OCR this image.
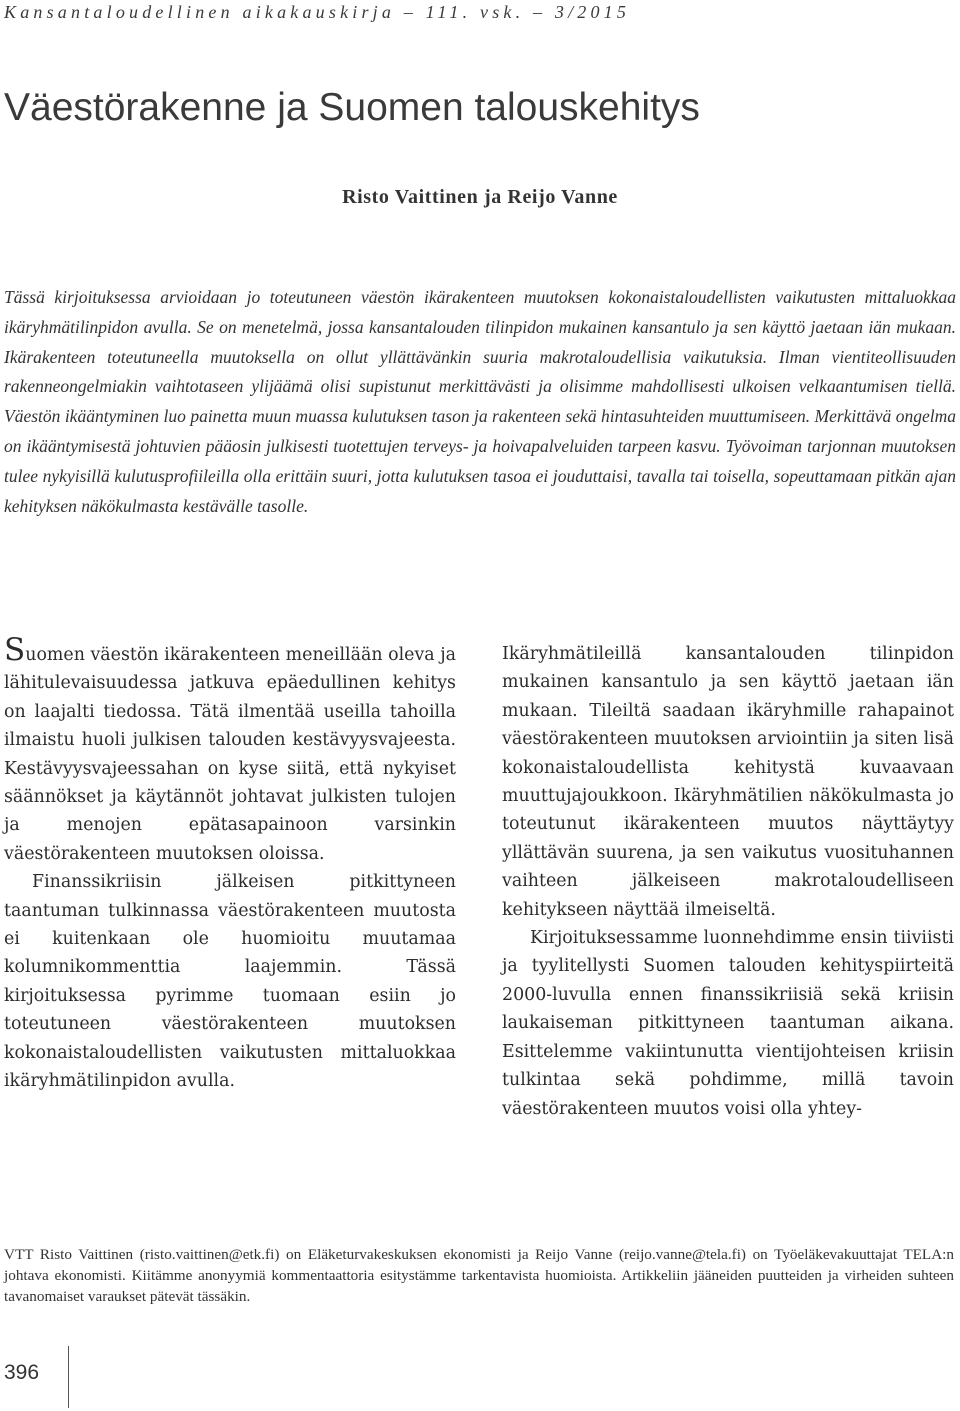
Kansantaloudellinen aikakauskirja – 111. vsk. – 3/2015
Väestörakenne ja Suomen talouskehitys
Risto Vaittinen ja Reijo Vanne

Tässä kirjoituksessa arvioidaan jo toteutuneen väestön ikärakenteen muutoksen kokonaistaloudellisten vaikutusten mittaluokkaa ikäryhmätilinpidon avulla. Se on menetelmä, jossa kansantalouden tilinpidon mukainen kansantulo ja sen käyttö jaetaan iän mukaan. Ikärakenteen toteutuneella muutoksella on ollut yllättävänkin suuria makrotaloudellisia vaikutuksia. Ilman vientiteollisuuden rakenneongelmiakin vaihtotaseen ylijäämä olisi supistunut merkittävästi ja olisimme mahdollisesti ulkoisen velkaantumisen tiellä. Väestön ikääntyminen luo painetta muun muassa kulutuksen tason ja rakenteen sekä hintasuhteiden muuttumiseen. Merkittävä ongelma on ikääntymisestä johtuvien pääosin julkisesti tuotettujen terveys- ja hoivapalveluiden tarpeen kasvu. Työvoiman tarjonnan muutoksen tulee nykyisillä kulutusprofiileilla olla erittäin suuri, jotta kulutuksen tasoa ei jouduttaisi, tavalla tai toisella, sopeuttamaan pitkän ajan kehityksen näkökulmasta kestävälle tasolle.

Suomen väestön ikärakenteen meneillään oleva ja lähitulevaisuudessa jatkuva epäedullinen kehitys on laajalti tiedossa. Tätä ilmentää useilla tahoilla ilmaistu huoli julkisen talouden kestävyysvajeesta. Kestävyysvajeessahan on kyse siitä, että nykyiset säännökset ja käytännöt johtavat julkisten tulojen ja menojen epätasapainoon varsinkin väestörakenteen muutoksen oloissa.

Finanssikriisin jälkeisen pitkittyneen taantuman tulkinnassa väestörakenteen muutosta ei kuitenkaan ole huomioitu muutamaa kolumnikommenttia laajemmin. Tässä kirjoituksessa pyrimme tuomaan esiin jo toteutuneen väestörakenteen muutoksen kokonaistaloudellisten vaikutusten mittaluokkaa ikäryhmätilinpidon avulla.

Ikäryhmätileillä kansantalouden tilinpidon mukainen kansantulo ja sen käyttö jaetaan iän mukaan. Tileiltä saadaan ikäryhmille rahapainot väestörakenteen muutoksen arviointiin ja siten lisä kokonaistaloudellista kehitystä kuvaavaan muuttujajoukkoon. Ikäryhmätilien näkökulmasta jo toteutunut ikärakenteen muutos näyttäytyy yllättävän suurena, ja sen vaikutus vuosituhannen vaihteen jälkeiseen makrotaloudelliseen kehitykseen näyttää ilmeiseltä.

Kirjoituksessamme luonnehdimme ensin tiiviisti ja tyylitellysti Suomen talouden kehityspiirteitä 2000-luvulla ennen finanssikriisiä sekä kriisin laukaiseman pitkittyneen taantuman aikana. Esittelemme vakiintunutta vientijohteisen kriisin tulkintaa sekä pohdimme, millä tavoin väestörakenteen muutos voisi olla yhtey-

VTT Risto Vaittinen (risto.vaittinen@etk.fi) on Eläketurvakeskuksen ekonomisti ja Reijo Vanne (reijo.vanne@tela.fi) on Työeläkevakuuttajat TELA:n johtava ekonomisti. Kiitämme anonyymiä kommentaattoria esitystämme tarkentavista huomioista. Artikkeliin jääneiden puutteiden ja virheiden suhteen tavanomaiset varaukset pätevät tässäkin.

396
